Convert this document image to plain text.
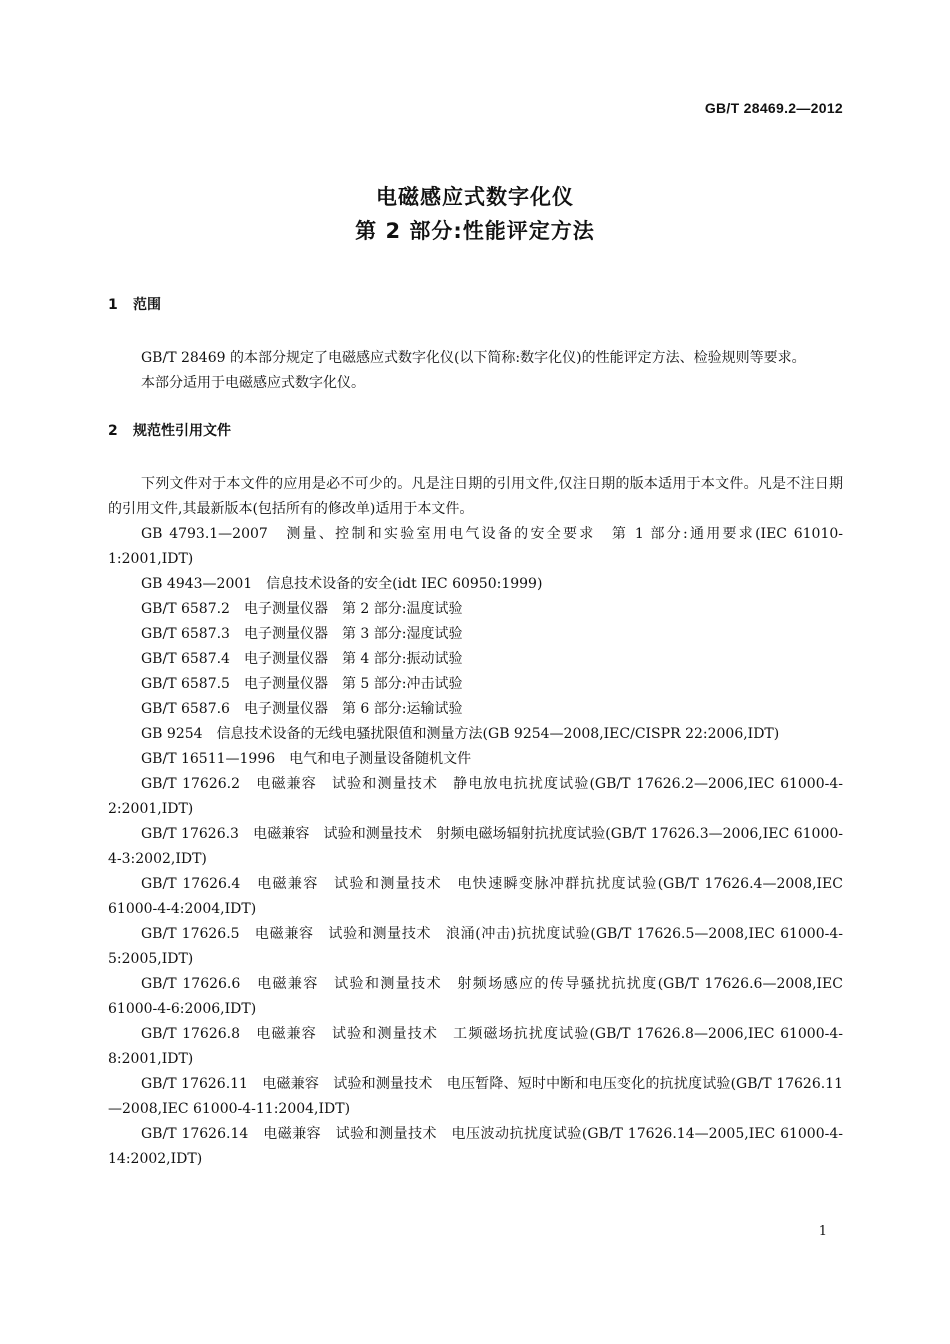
GB/T 28469.2—2012
电磁感应式数字化仪
第 2 部分:性能评定方法
1 范围

GB/T 28469 的本部分规定了电磁感应式数字化仪(以下简称:数字化仪)的性能评定方法、检验规则等要求。

本部分适用于电磁感应式数字化仪。

2 规范性引用文件

下列文件对于本文件的应用是必不可少的。凡是注日期的引用文件,仅注日期的版本适用于本文件。凡是不注日期的引用文件,其最新版本(包括所有的修改单)适用于本文件。

GB 4793.1—2007　测量、控制和实验室用电气设备的安全要求　第 1 部分:通用要求(IEC 61010-1:2001,IDT)

GB 4943—2001　信息技术设备的安全(idt IEC 60950:1999)

GB/T 6587.2　电子测量仪器　第 2 部分:温度试验

GB/T 6587.3　电子测量仪器　第 3 部分:湿度试验

GB/T 6587.4　电子测量仪器　第 4 部分:振动试验

GB/T 6587.5　电子测量仪器　第 5 部分:冲击试验

GB/T 6587.6　电子测量仪器　第 6 部分:运输试验

GB 9254　信息技术设备的无线电骚扰限值和测量方法(GB 9254—2008,IEC/CISPR 22:2006,IDT)

GB/T 16511—1996　电气和电子测量设备随机文件

GB/T 17626.2　电磁兼容　试验和测量技术　静电放电抗扰度试验(GB/T 17626.2—2006,IEC 61000-4-2:2001,IDT)

GB/T 17626.3　电磁兼容　试验和测量技术　射频电磁场辐射抗扰度试验(GB/T 17626.3—2006,IEC 61000-4-3:2002,IDT)

GB/T 17626.4　电磁兼容　试验和测量技术　电快速瞬变脉冲群抗扰度试验(GB/T 17626.4—2008,IEC 61000-4-4:2004,IDT)

GB/T 17626.5　电磁兼容　试验和测量技术　浪涌(冲击)抗扰度试验(GB/T 17626.5—2008,IEC 61000-4-5:2005,IDT)

GB/T 17626.6　电磁兼容　试验和测量技术　射频场感应的传导骚扰抗扰度(GB/T 17626.6—2008,IEC 61000-4-6:2006,IDT)

GB/T 17626.8　电磁兼容　试验和测量技术　工频磁场抗扰度试验(GB/T 17626.8—2006,IEC 61000-4-8:2001,IDT)

GB/T 17626.11　电磁兼容　试验和测量技术　电压暂降、短时中断和电压变化的抗扰度试验(GB/T 17626.11—2008,IEC 61000-4-11:2004,IDT)

GB/T 17626.14　电磁兼容　试验和测量技术　电压波动抗扰度试验(GB/T 17626.14—2005,IEC 61000-4-14:2002,IDT)

1
